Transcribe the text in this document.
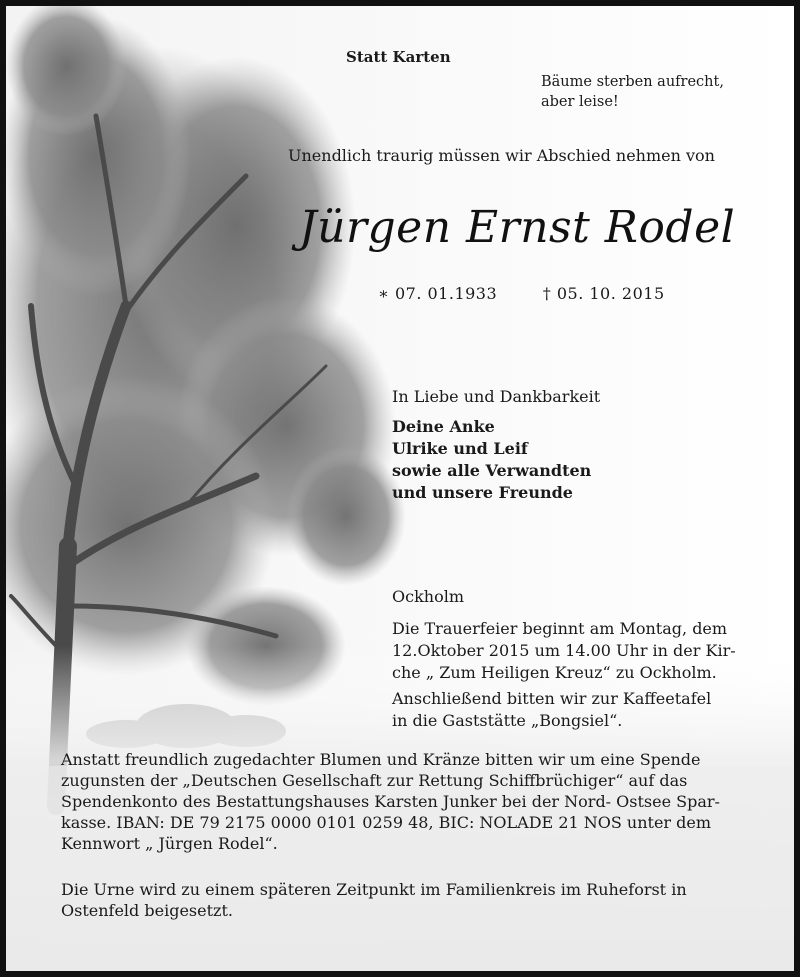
Statt Karten
Bäume sterben aufrecht,
aber leise!
Unendlich traurig müssen wir Abschied nehmen von
Jürgen Ernst Rodel
∗ 07. 01.1933	† 05. 10. 2015
In Liebe und Dankbarkeit
Deine Anke
Ulrike und Leif
sowie alle Verwandten
und unsere Freunde
Ockholm

Die Trauerfeier beginnt am Montag, dem

12.Oktober 2015 um 14.00 Uhr in der Kir-

che „ Zum Heiligen Kreuz“ zu Ockholm.

Anschließend bitten wir zur Kaffeetafel

in die Gaststätte „Bongsiel“.

Anstatt freundlich zugedachter Blumen und Kränze bitten wir um eine Spende

zugunsten der „Deutschen Gesellschaft zur Rettung Schiffbrüchiger“ auf das

Spendenkonto des Bestattungshauses Karsten Junker bei der Nord- Ostsee Spar-

kasse. IBAN: DE 79 2175 0000 0101 0259 48, BIC: NOLADE 21 NOS unter dem

Kennwort „ Jürgen Rodel“.

Die Urne wird zu einem späteren Zeitpunkt im Familienkreis im Ruheforst in

Ostenfeld beigesetzt.
